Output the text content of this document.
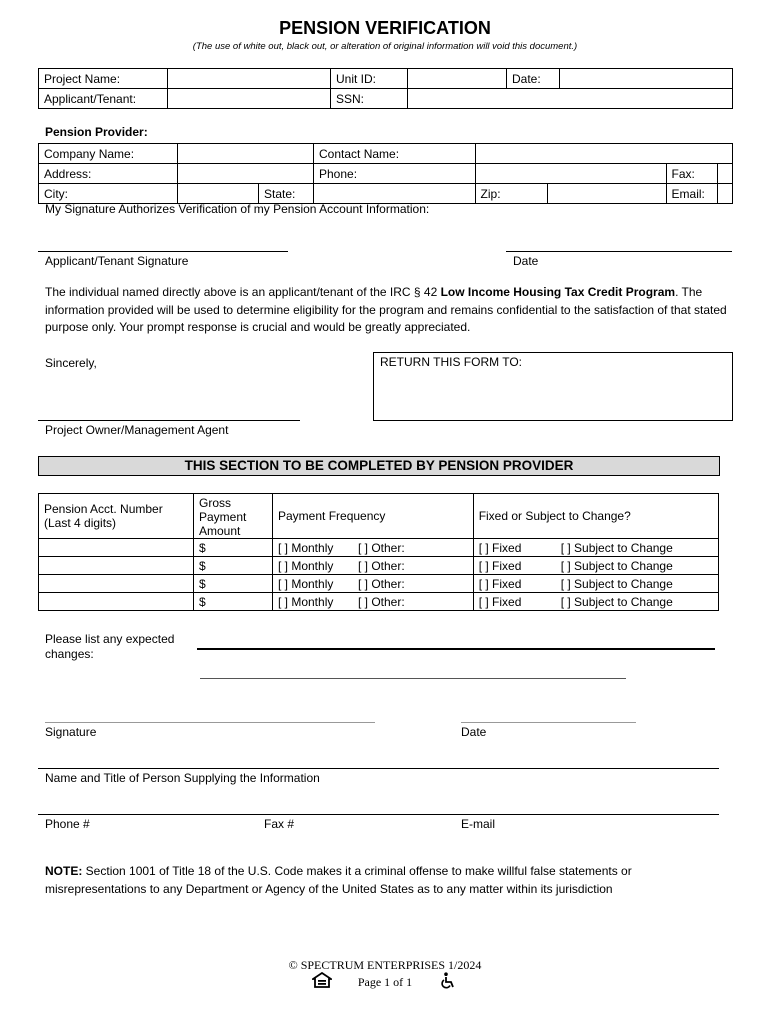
PENSION VERIFICATION
(The use of white out, black out, or alteration of original information will void this document.)
Project Name:		Unit ID:		Date:	
Applicant/Tenant:		SSN:			
Pension Provider:
Company Name:			Contact Name:				
Address:			Phone:			Fax:	
City:		State:		Zip:		Email:	
My Signature Authorizes Verification of my Pension Account Information:
Applicant/Tenant Signature	Date
The individual named directly above is an applicant/tenant of the IRC § 42 Low Income Housing Tax Credit Program. The information provided will be used to determine eligibility for the program and remains confidential to the satisfaction of that stated purpose only. Your prompt response is crucial and would be greatly appreciated.
Sincerely,	RETURN THIS FORM TO:
Project Owner/Management Agent
THIS SECTION TO BE COMPLETED BY PENSION PROVIDER
Pension Acct. Number (Last 4 digits)	Gross Payment Amount	Payment Frequency		Fixed or Subject to Change?	
	$	[ ] Monthly	[ ] Other:	[ ] Fixed	[ ] Subject to Change
	$	[ ] Monthly	[ ] Other:	[ ] Fixed	[ ] Subject to Change
	$	[ ] Monthly	[ ] Other:	[ ] Fixed	[ ] Subject to Change
	$	[ ] Monthly	[ ] Other:	[ ] Fixed	[ ] Subject to Change
Please list any expected changes:
Signature	Date
Name and Title of Person Supplying the Information
Phone #	Fax #	E-mail
NOTE: Section 1001 of Title 18 of the U.S. Code makes it a criminal offense to make willful false statements or misrepresentations to any Department or Agency of the United States as to any matter within its jurisdiction
© SPECTRUM ENTERPRISES 1/2024
Page 1 of 1
